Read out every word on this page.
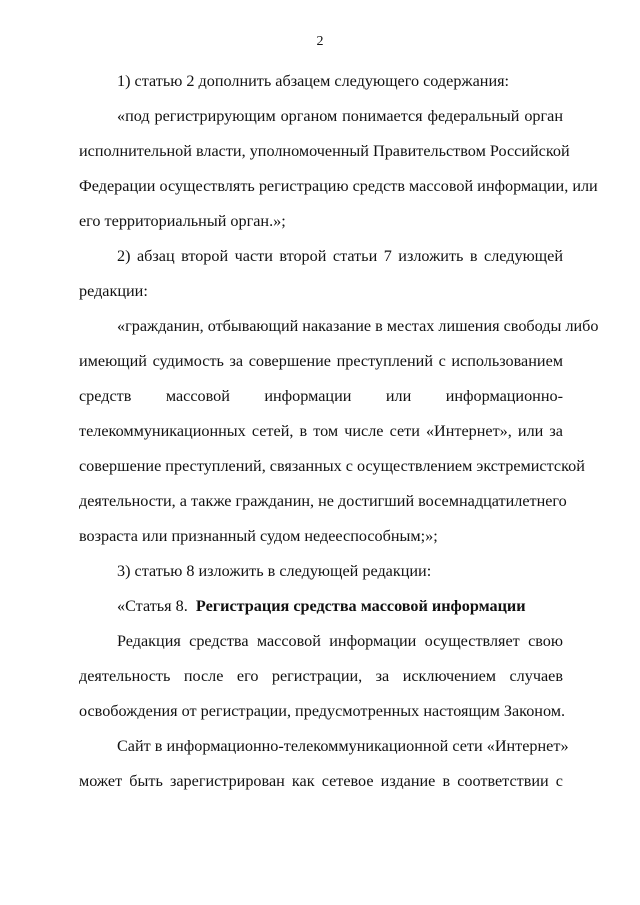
2
1) статью 2 дополнить абзацем следующего содержания:
«под регистрирующим органом понимается федеральный орган
исполнительной власти, уполномоченный Правительством Российской
Федерации осуществлять регистрацию средств массовой информации, или
его территориальный орган.»;
2) абзац второй части второй статьи 7 изложить в следующей
редакции:
«гражданин, отбывающий наказание в местах лишения свободы либо
имеющий судимость за совершение преступлений с использованием
средств массовой информации или информационно-
телекоммуникационных сетей, в том числе сети «Интернет», или за
совершение преступлений, связанных с осуществлением экстремистской
деятельности, а также гражданин, не достигший восемнадцатилетнего
возраста или признанный судом недееспособным;»;
3) статью 8 изложить в следующей редакции:
«Статья 8. Регистрация средства массовой информации
Редакция средства массовой информации осуществляет свою
деятельность после его регистрации, за исключением случаев
освобождения от регистрации, предусмотренных настоящим Законом.
Сайт в информационно-телекоммуникационной сети «Интернет»
может быть зарегистрирован как сетевое издание в соответствии с
